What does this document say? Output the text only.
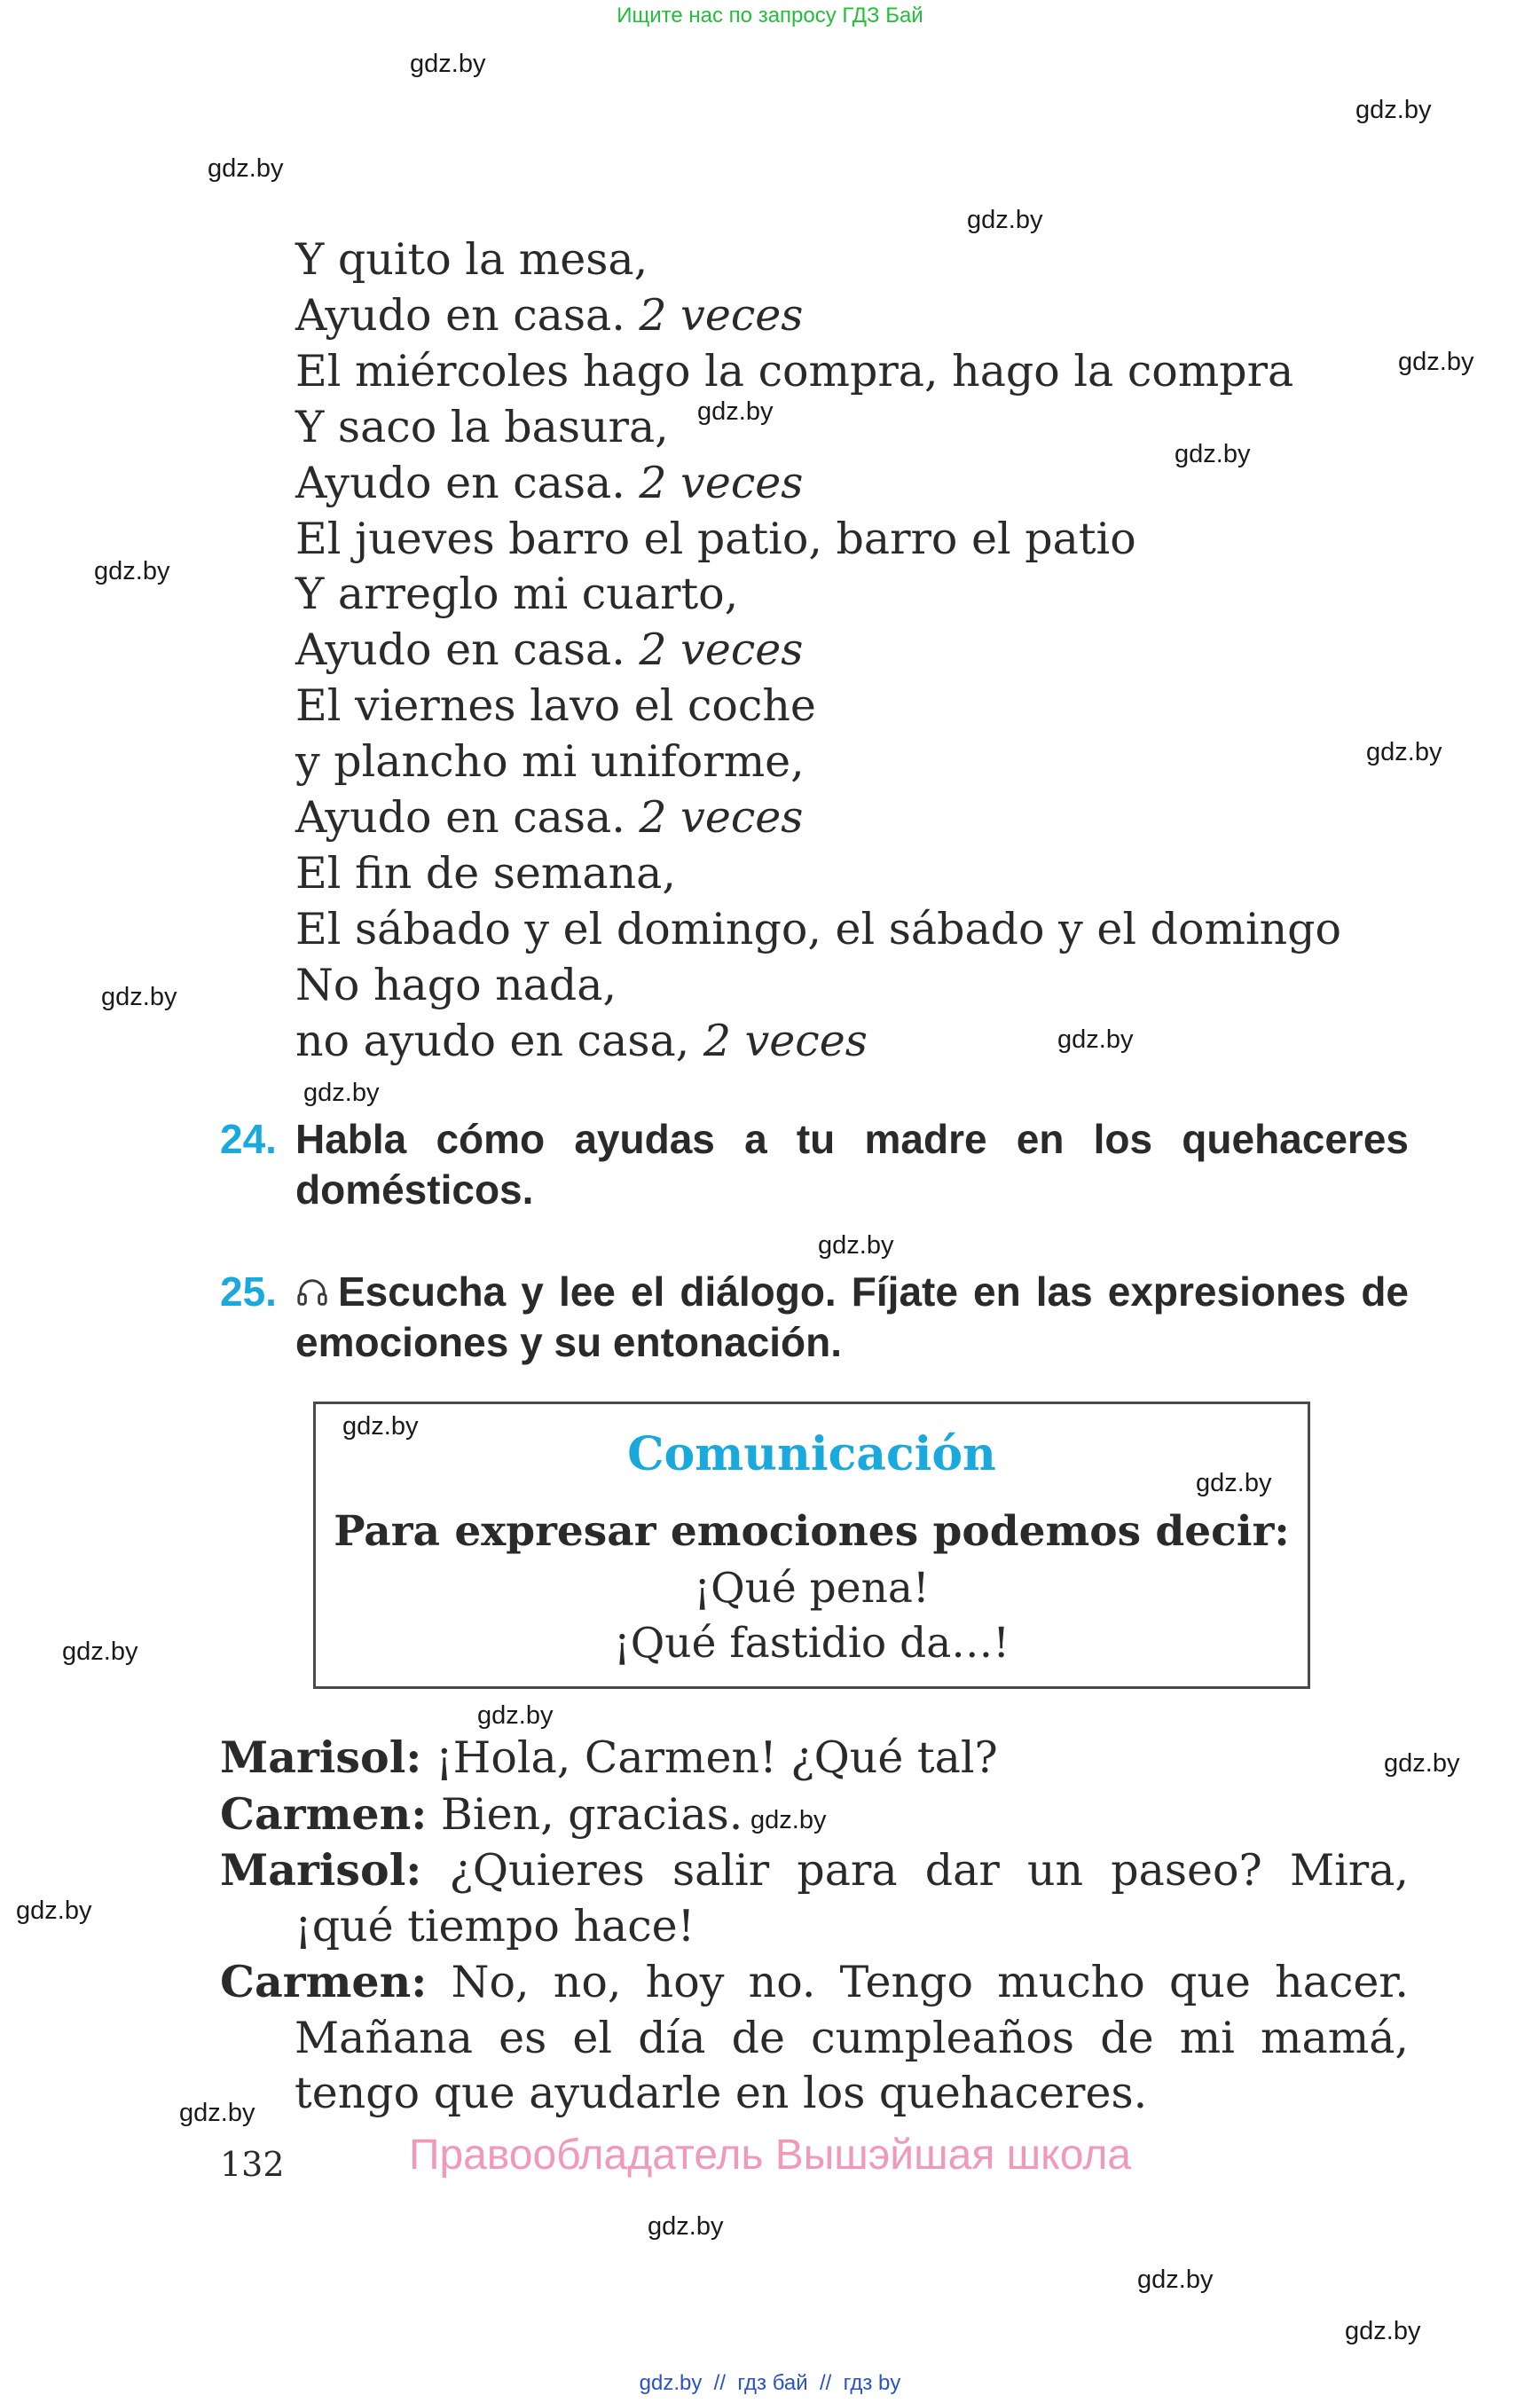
Ищите нас по запросу ГДЗ Бай
gdz.by
gdz.by
gdz.by
gdz.by
gdz.by
gdz.by
gdz.by
gdz.by
gdz.by
gdz.by
gdz.by
gdz.by
gdz.by
gdz.by
gdz.by
gdz.by
gdz.by
gdz.by
gdz.by
gdz.by
gdz.by
gdz.by
gdz.by
gdz.by
Y quito la mesa,
Ayudo en casa. 2 veces
El miércoles hago la compra, hago la compra
Y saco la basura,
Ayudo en casa. 2 veces
El jueves barro el patio, barro el patio
Y arreglo mi cuarto,
Ayudo en casa. 2 veces
El viernes lavo el coche
y plancho mi uniforme,
Ayudo en casa. 2 veces
El fin de semana,
El sábado y el domingo, el sábado y el domingo
No hago nada,
no ayudo en casa, 2 veces
24. Habla cómo ayudas a tu madre en los quehaceres domésticos.
25.	Escucha y lee el diálogo. Fíjate en las expresiones de emociones y su entonación.
Comunicación
Para expresar emociones podemos decir:
¡Qué pena!
¡Qué fastidio da…!
Marisol: ¡Hola, Carmen! ¿Qué tal?
Carmen: Bien, gracias.
Marisol: ¿Quieres salir para dar un paseo? Mira, ¡qué tiempo hace!
Carmen: No, no, hoy no. Tengo mucho que hacer. Mañana es el día de cumpleaños de mi mamá, tengo que ayudarle en los quehaceres.
132	Правообладатель Вышэйшая школа
gdz.by  //  гдз бай  //  гдз by
